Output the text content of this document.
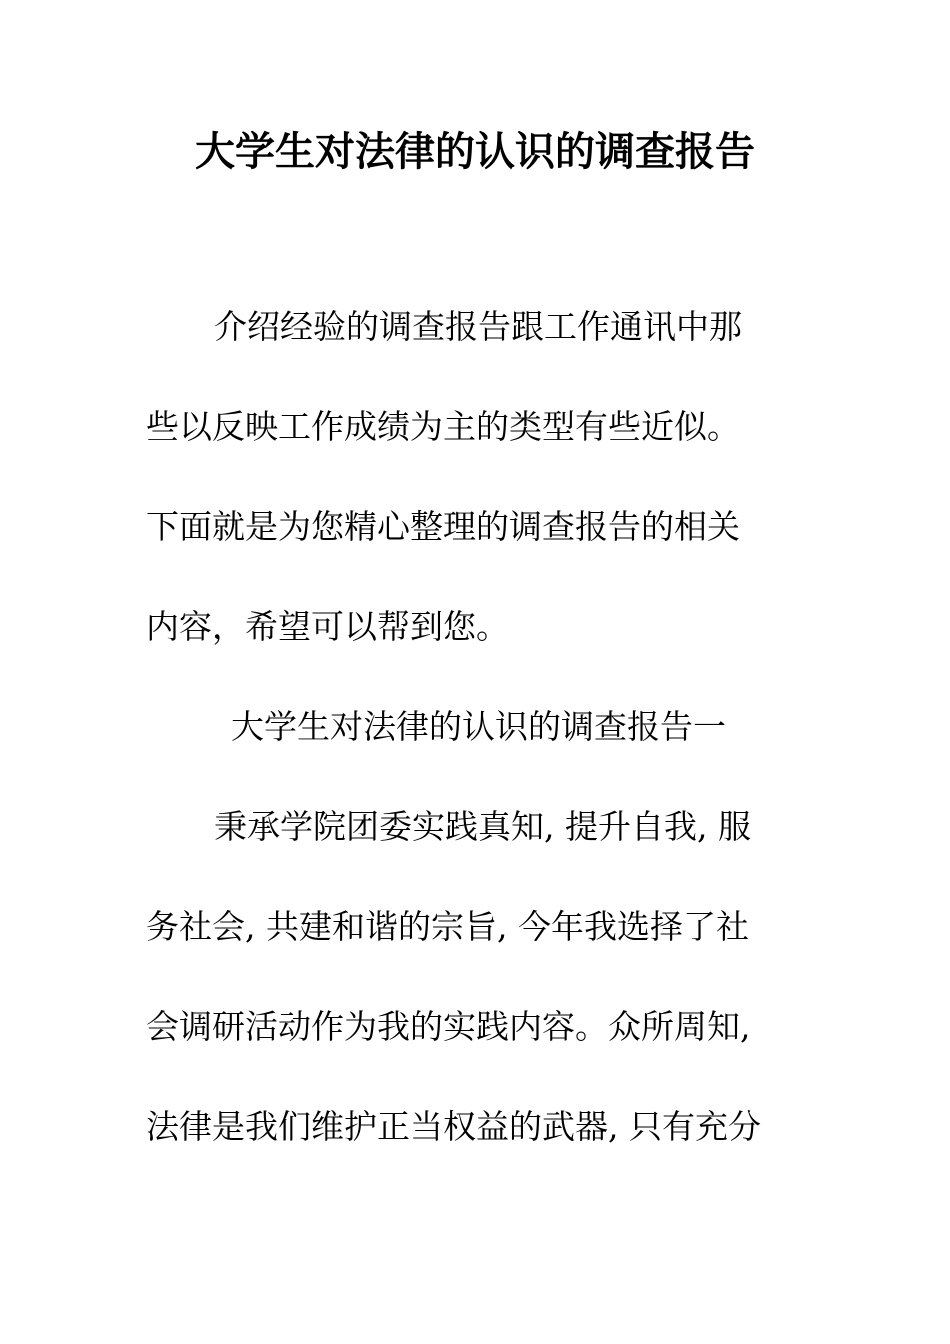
大学生对法律的认识的调查报告
介绍经验的调查报告跟工作通讯中那
些以反映工作成绩为主的类型有些近似。
下面就是为您精心整理的调查报告的相关
内容，希望可以帮到您。
大学生对法律的认识的调查报告一
秉承学院团委实践真知, 提升自我, 服
务社会, 共建和谐的宗旨, 今年我选择了社
会调研活动作为我的实践内容。众所周知,
法律是我们维护正当权益的武器, 只有充分
